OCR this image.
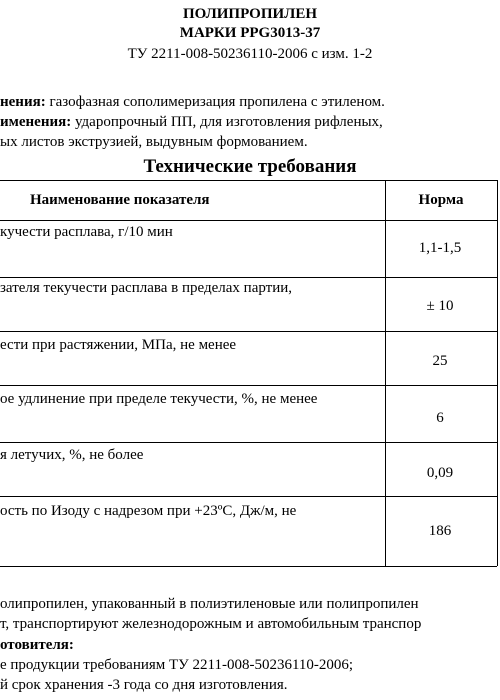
ПОЛИПРОПИЛЕН
МАРКИ PPG3013-37
ТУ 2211-008-50236110-2006 с изм. 1-2
нения: газофазная сополимеризация пропилена с этиленом.
именения: ударопрочный ПП, для изготовления рифленых,
ых листов экструзией, выдувным формованием.
Технические требования
Наименование показателя	Норма
кучести расплава, г/10 мин
1,1-1,5
зателя текучести расплава в пределах партии,
± 10
ести при растяжении, МПа, не менее
25
ое удлинение при пределе текучести, %, не менее
6
я летучих, %, не более
0,09
ость по Изоду с надрезом при +23ºС, Дж/м, не
186
олипропилен, упакованный в полиэтиленовые или полипропилен
т, транспортируют железнодорожным и автомобильным транспор
отовителя:
е продукции требованиям ТУ 2211-008-50236110-2006;
й срок хранения -3 года со дня изготовления.
